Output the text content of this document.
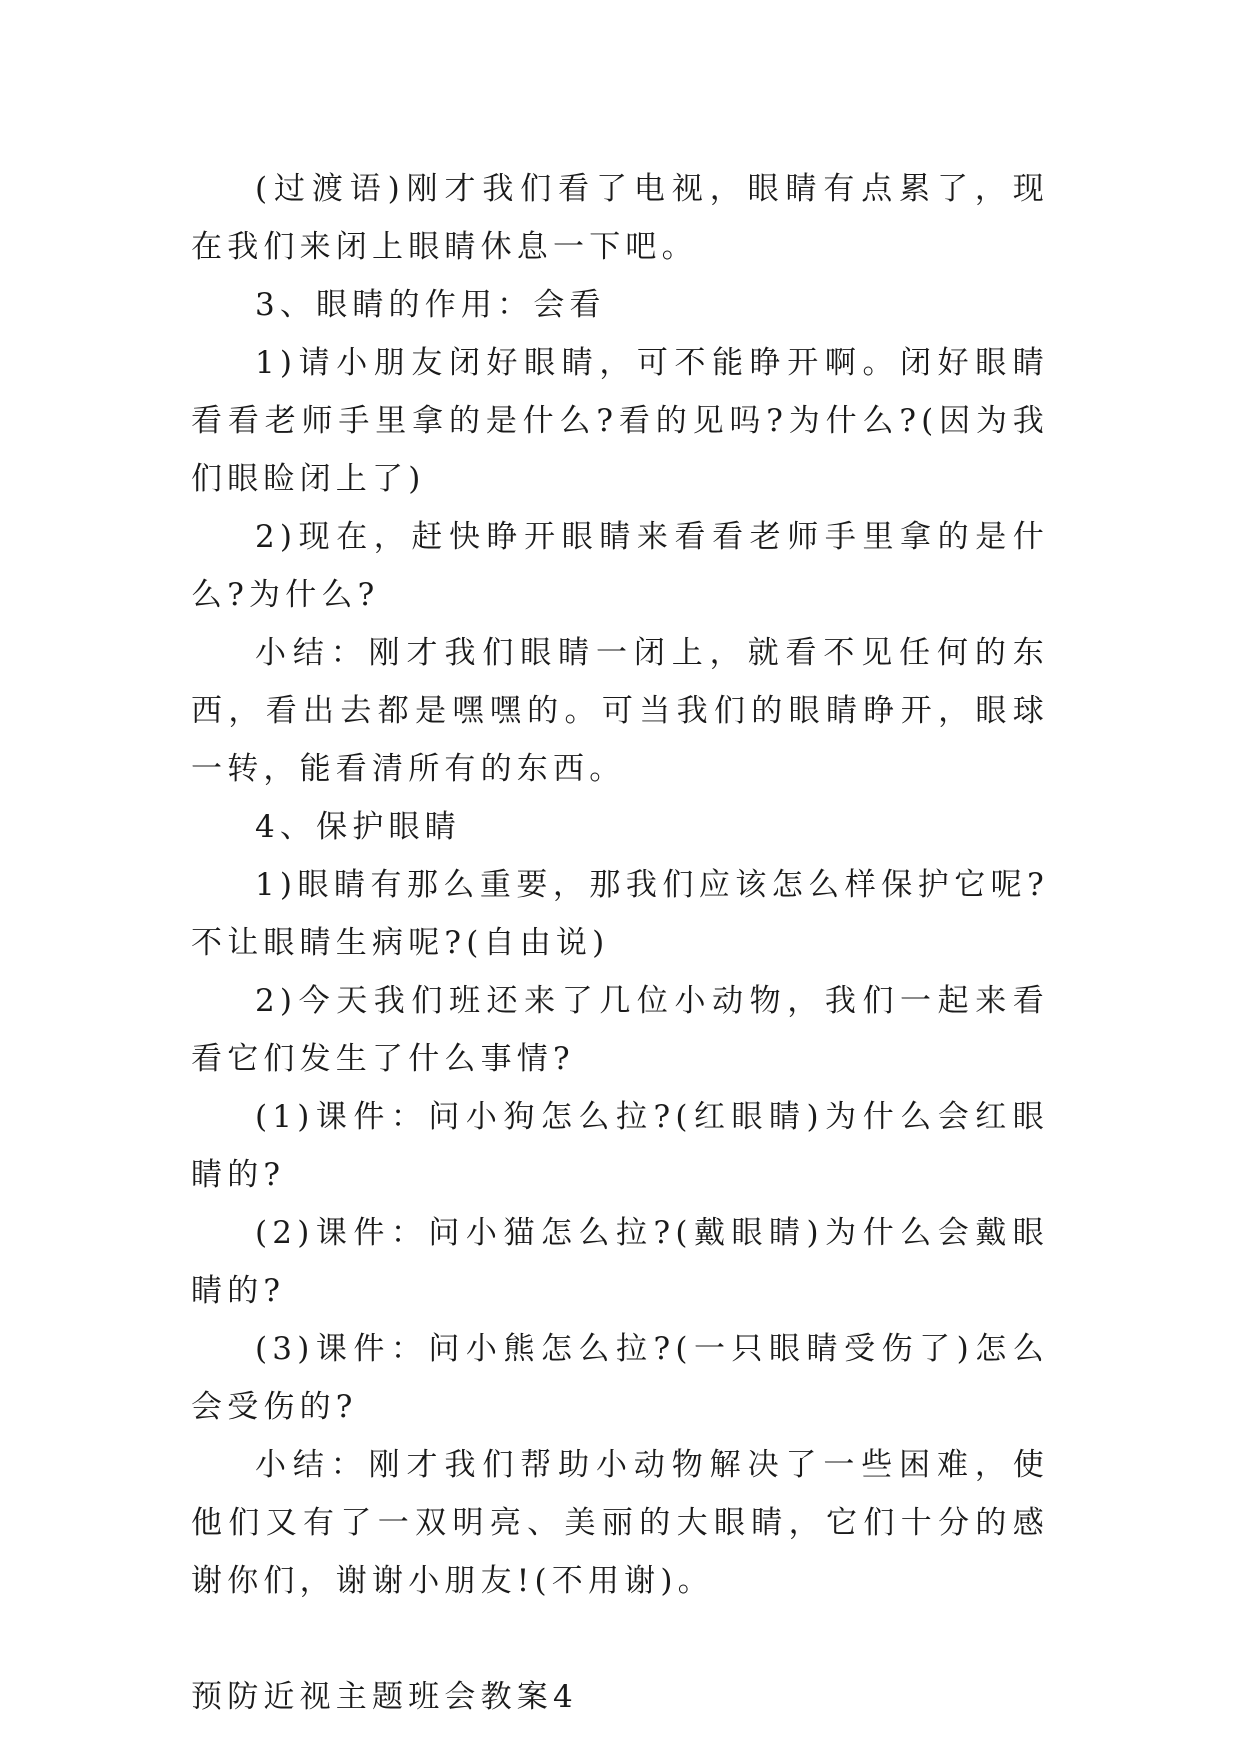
(过渡语)刚才我们看了电视，眼睛有点累了，现在我们来闭上眼睛休息一下吧。

3、眼睛的作用：会看

1)请小朋友闭好眼睛，可不能睁开啊。闭好眼睛看看老师手里拿的是什么?看的见吗?为什么?(因为我们眼睑闭上了)

2)现在，赶快睁开眼睛来看看老师手里拿的是什么?为什么?

小结：刚才我们眼睛一闭上，就看不见任何的东西，看出去都是嘿嘿的。可当我们的眼睛睁开，眼球一转，能看清所有的东西。

4、保护眼睛

1)眼睛有那么重要，那我们应该怎么样保护它呢?不让眼睛生病呢?(自由说)

2)今天我们班还来了几位小动物，我们一起来看看它们发生了什么事情?

(1)课件：问小狗怎么拉?(红眼睛)为什么会红眼睛的?

(2)课件：问小猫怎么拉?(戴眼睛)为什么会戴眼睛的?

(3)课件：问小熊怎么拉?(一只眼睛受伤了)怎么会受伤的?

小结：刚才我们帮助小动物解决了一些困难，使他们又有了一双明亮、美丽的大眼睛，它们十分的感谢你们，谢谢小朋友!(不用谢)。

预防近视主题班会教案4
